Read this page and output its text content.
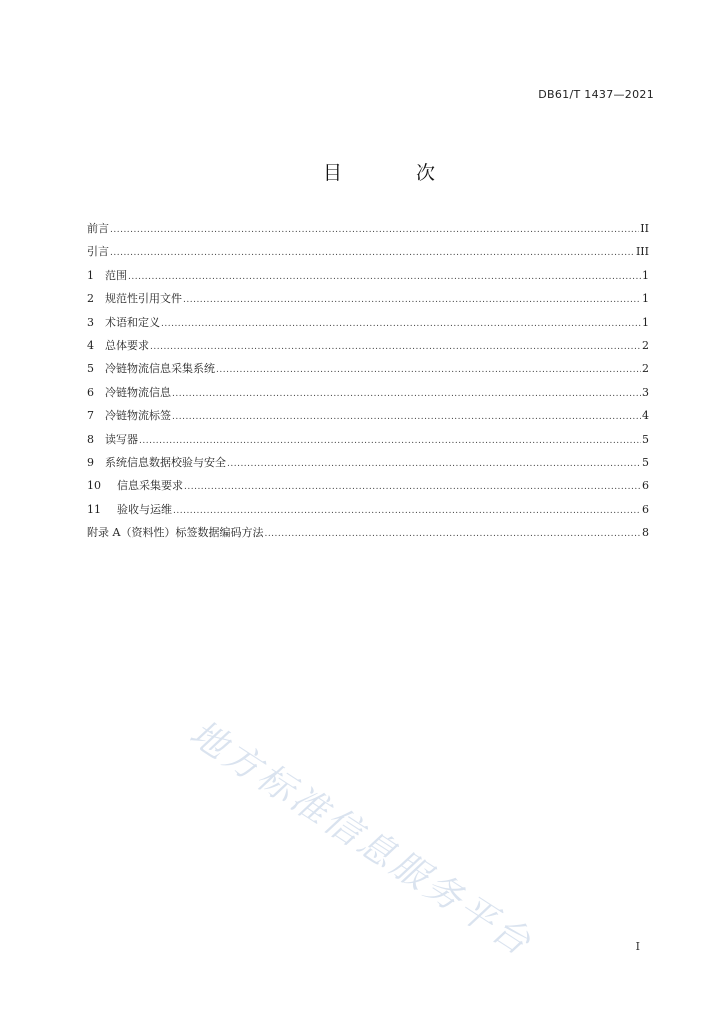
DB61/T 1437—2021
目 次
前言 .....	II
引言 .....	III
1	范围 .....	1
2	规范性引用文件 .....	1
3	术语和定义 .....	1
4	总体要求 .....	2
5	冷链物流信息采集系统 .....	2
6	冷链物流信息 .....	3
7	冷链物流标签 .....	4
8	读写器 .....	5
9	系统信息数据校验与安全 .....	5
10	信息采集要求 .....	6
11	验收与运维 .....	6
附录 A（资料性）标签数据编码方法 .....	8
地方标准信息服务平台	I
